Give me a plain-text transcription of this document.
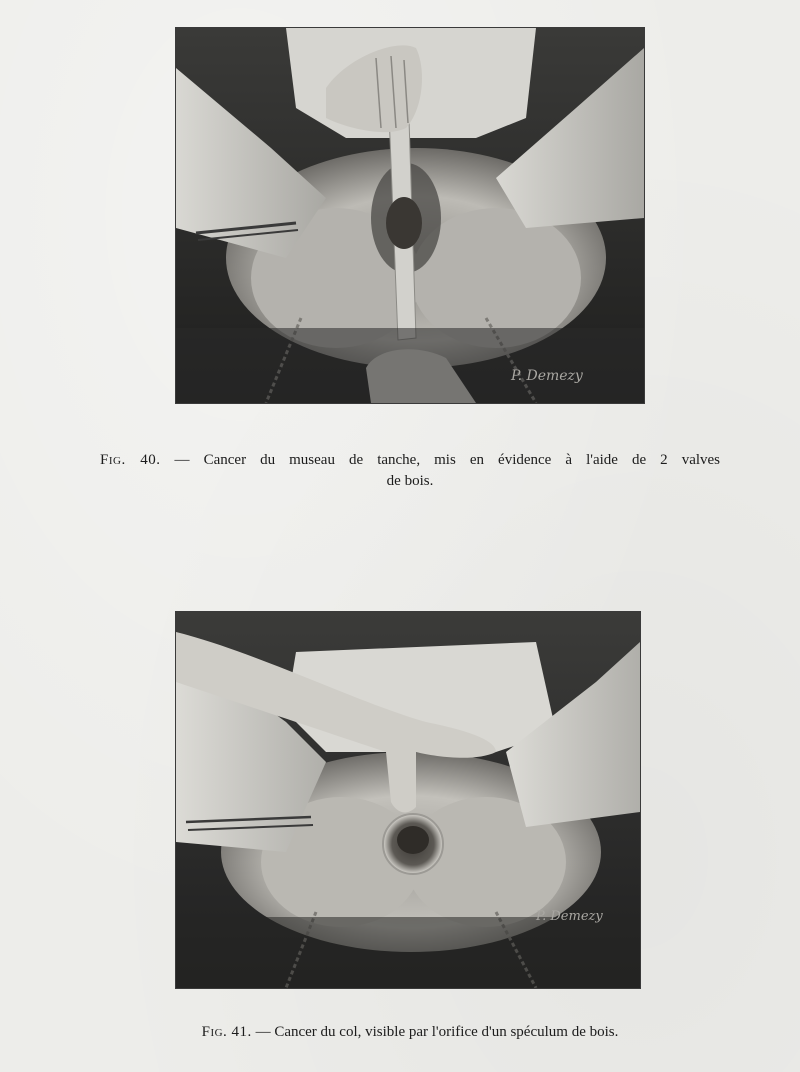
P. Demezy
Fig. 40. — Cancer du museau de tanche, mis en évidence à l'aide de 2 valves
de bois.
P. Demezy
Fig. 41. — Cancer du col, visible par l'orifice d'un spéculum de bois.
